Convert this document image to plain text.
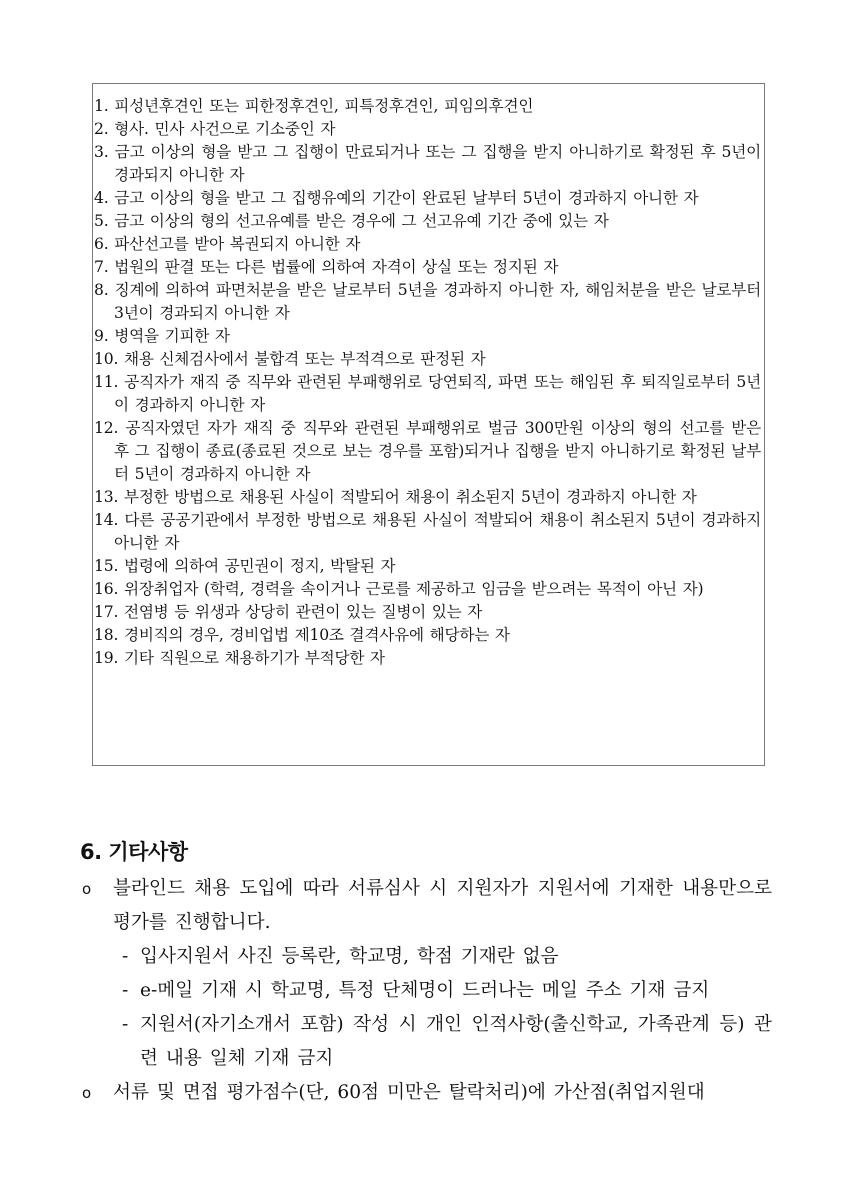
1. 피성년후견인 또는 피한정후견인, 피특정후견인, 피임의후견인
2. 형사. 민사 사건으로 기소중인 자
3. 금고 이상의 형을 받고 그 집행이 만료되거나 또는 그 집행을 받지 아니하기로 확정된 후 5년이 경과되지 아니한 자
4. 금고 이상의 형을 받고 그 집행유예의 기간이 완료된 날부터 5년이 경과하지 아니한 자
5. 금고 이상의 형의 선고유예를 받은 경우에 그 선고유예 기간 중에 있는 자
6. 파산선고를 받아 복권되지 아니한 자
7. 법원의 판결 또는 다른 법률에 의하여 자격이 상실 또는 정지된 자
8. 징계에 의하여 파면처분을 받은 날로부터 5년을 경과하지 아니한 자, 해임처분을 받은 날로부터 3년이 경과되지 아니한 자
9. 병역을 기피한 자
10. 채용 신체검사에서 불합격 또는 부적격으로 판정된 자
11. 공직자가 재직 중 직무와 관련된 부패행위로 당연퇴직, 파면 또는 해임된 후 퇴직일로부터 5년이 경과하지 아니한 자
12. 공직자였던 자가 재직 중 직무와 관련된 부패행위로 벌금 300만원 이상의 형의 선고를 받은 후 그 집행이 종료(종료된 것으로 보는 경우를 포함)되거나 집행을 받지 아니하기로 확정된 날부터 5년이 경과하지 아니한 자
13. 부정한 방법으로 채용된 사실이 적발되어 채용이 취소된지 5년이 경과하지 아니한 자
14. 다른 공공기관에서 부정한 방법으로 채용된 사실이 적발되어 채용이 취소된지 5년이 경과하지 아니한 자
15. 법령에 의하여 공민권이 정지, 박탈된 자
16. 위장취업자 (학력, 경력을 속이거나 근로를 제공하고 임금을 받으려는 목적이 아닌 자)
17. 전염병 등 위생과 상당히 관련이 있는 질병이 있는 자
18. 경비직의 경우, 경비업법 제10조 결격사유에 해당하는 자
19. 기타 직원으로 채용하기가 부적당한 자
6. 기타사항
o 블라인드 채용 도입에 따라 서류심사 시 지원자가 지원서에 기재한 내용만으로 평가를 진행합니다.
- 입사지원서 사진 등록란, 학교명, 학점 기재란 없음
- e-메일 기재 시 학교명, 특정 단체명이 드러나는 메일 주소 기재 금지
- 지원서(자기소개서 포함) 작성 시 개인 인적사항(출신학교, 가족관계 등) 관련 내용 일체 기재 금지
o 서류 및 면접 평가점수(단, 60점 미만은 탈락처리)에 가산점(취업지원대
